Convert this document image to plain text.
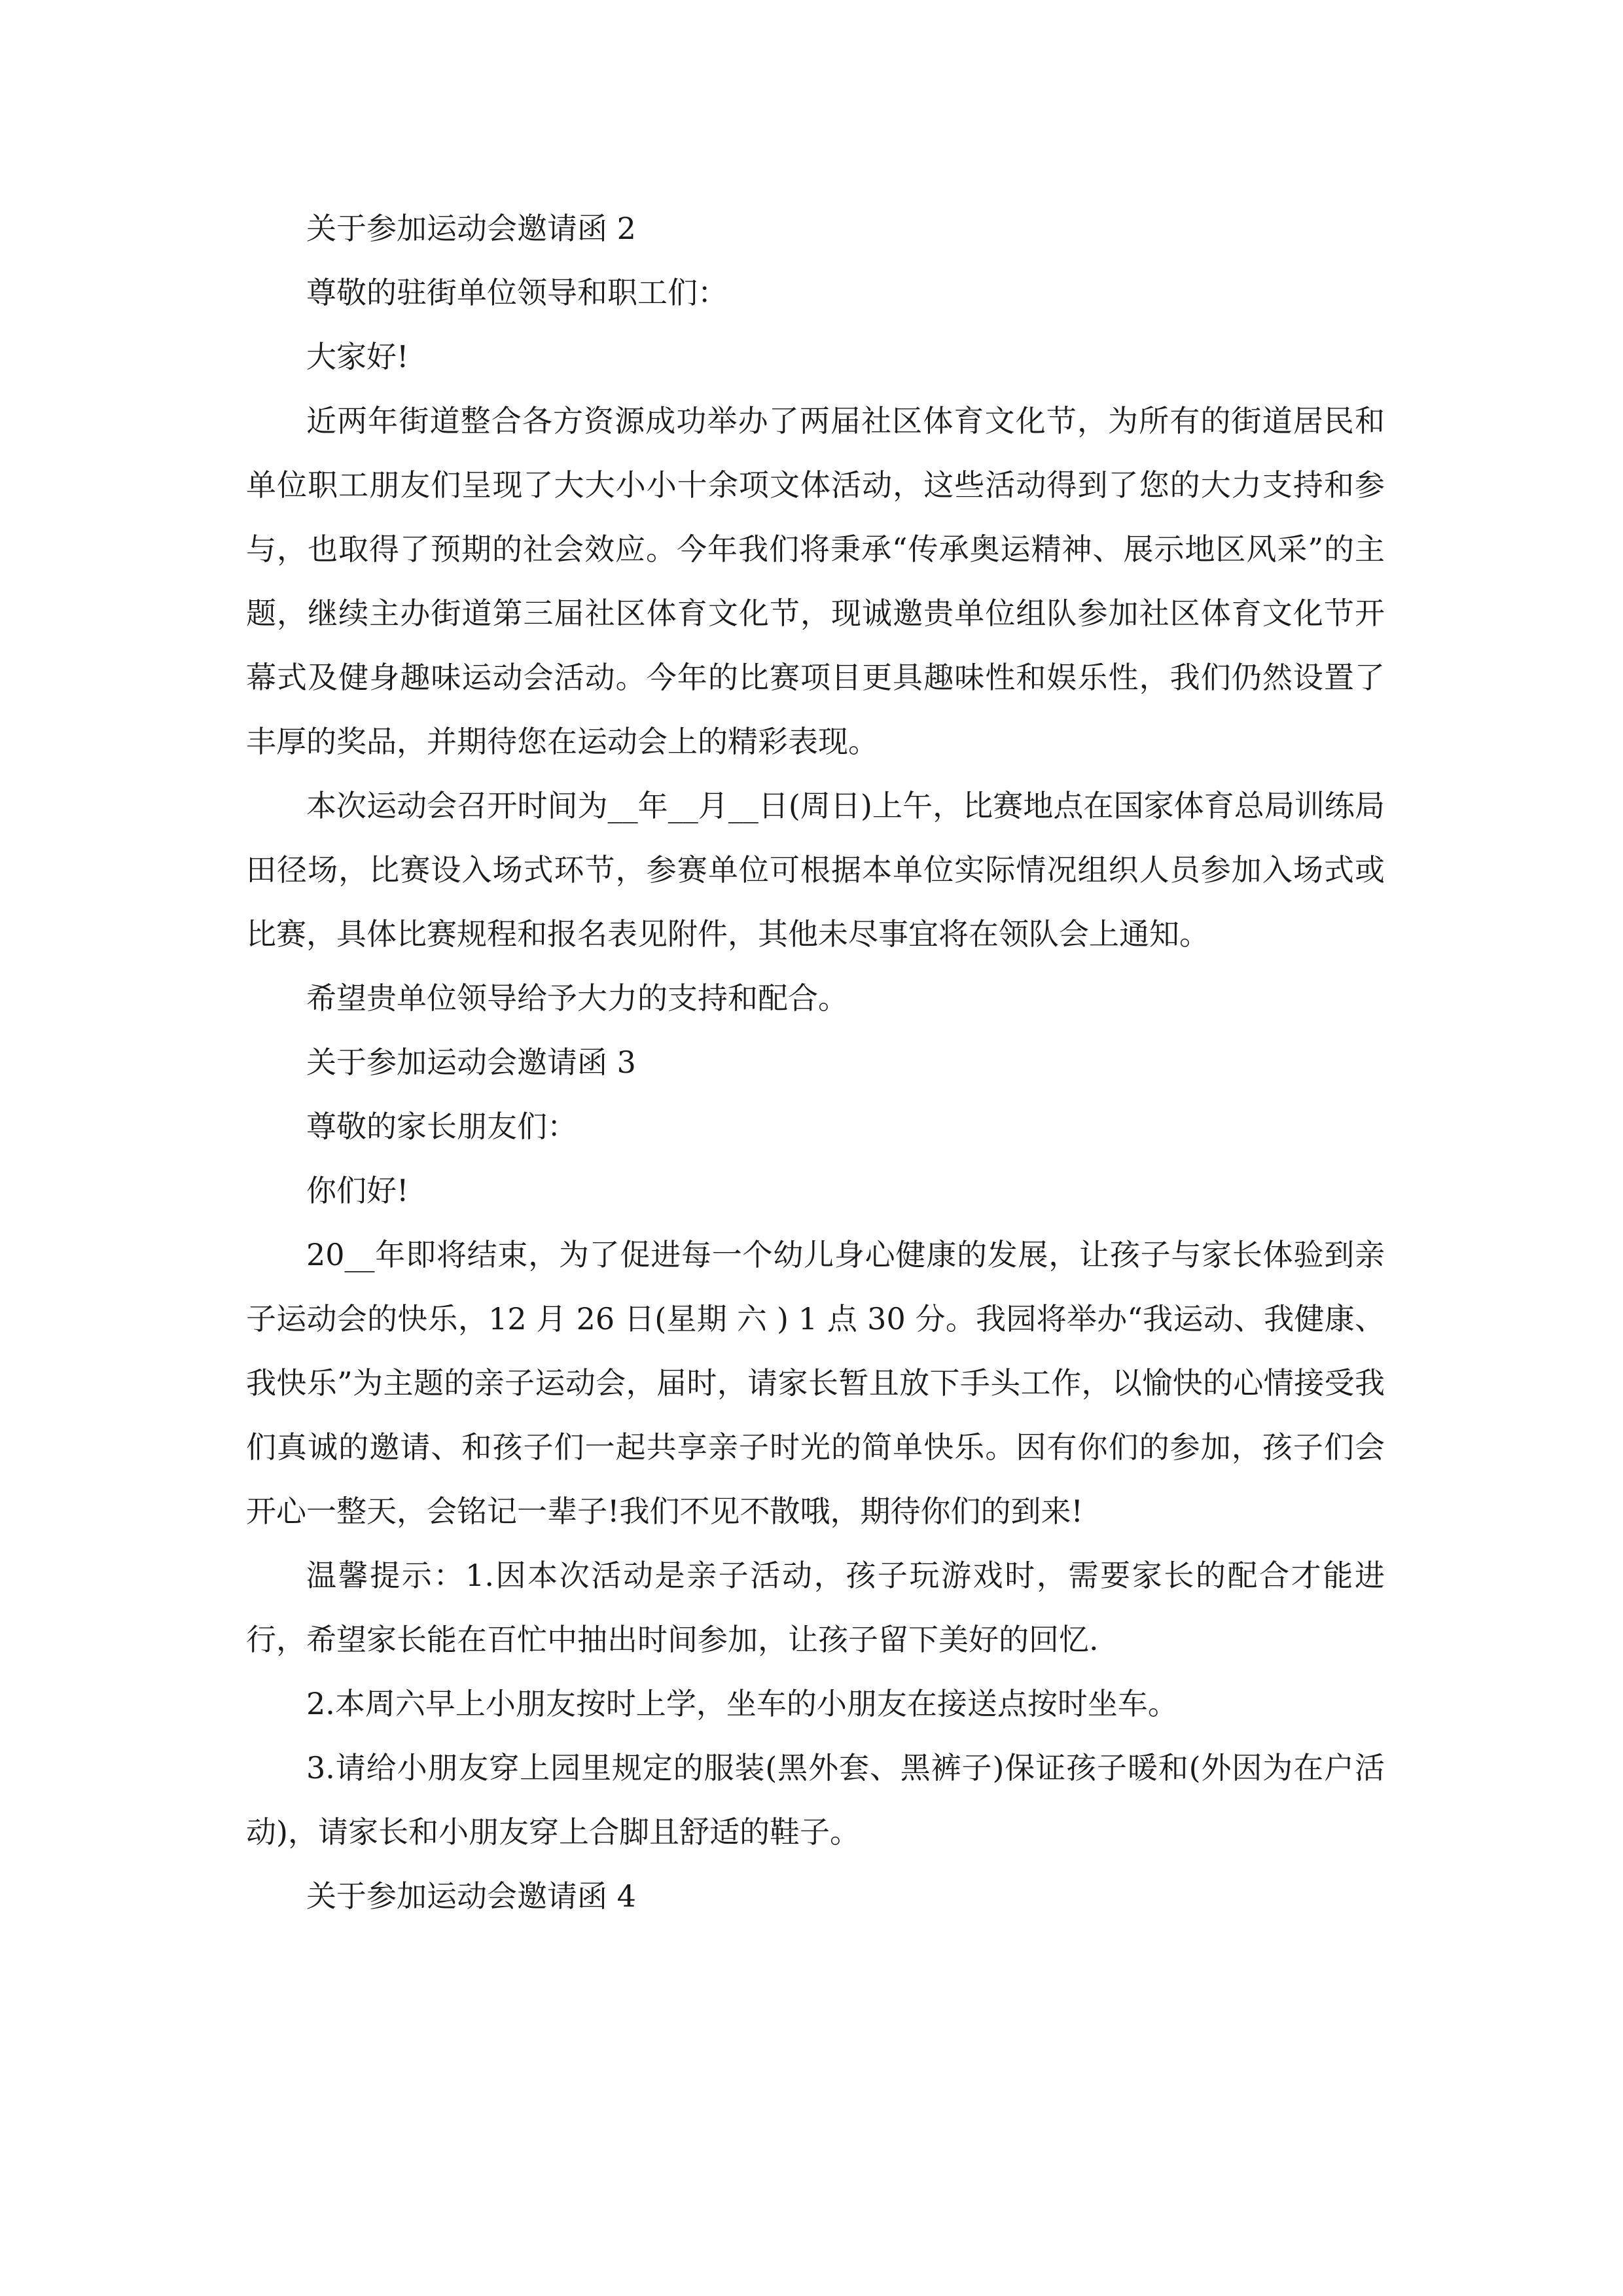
关于参加运动会邀请函 2

尊敬的驻街单位领导和职工们：

大家好!

近两年街道整合各方资源成功举办了两届社区体育文化节，为所有的街道居民和单位职工朋友们呈现了大大小小十余项文体活动，这些活动得到了您的大力支持和参与，也取得了预期的社会效应。今年我们将秉承“传承奥运精神、展示地区风采”的主题，继续主办街道第三届社区体育文化节，现诚邀贵单位组队参加社区体育文化节开幕式及健身趣味运动会活动。今年的比赛项目更具趣味性和娱乐性，我们仍然设置了丰厚的奖品，并期待您在运动会上的精彩表现。

本次运动会召开时间为__年__月__日(周日)上午，比赛地点在国家体育总局训练局田径场，比赛设入场式环节，参赛单位可根据本单位实际情况组织人员参加入场式或比赛，具体比赛规程和报名表见附件，其他未尽事宜将在领队会上通知。

希望贵单位领导给予大力的支持和配合。

关于参加运动会邀请函 3

尊敬的家长朋友们：

你们好!

20__年即将结束，为了促进每一个幼儿身心健康的发展，让孩子与家长体验到亲子运动会的快乐，12 月 26 日(星期 六 ) 1 点 30 分。我园将举办“我运动、我健康、我快乐”为主题的亲子运动会，届时，请家长暂且放下手头工作，以愉快的心情接受我们真诚的邀请、和孩子们一起共享亲子时光的简单快乐。因有你们的参加，孩子们会开心一整天，会铭记一辈子!我们不见不散哦，期待你们的到来!

温馨提示：1.因本次活动是亲子活动，孩子玩游戏时，需要家长的配合才能进行，希望家长能在百忙中抽出时间参加，让孩子留下美好的回忆.

2.本周六早上小朋友按时上学，坐车的小朋友在接送点按时坐车。

3.请给小朋友穿上园里规定的服装(黑外套、黑裤子)保证孩子暖和(外因为在户活动)，请家长和小朋友穿上合脚且舒适的鞋子。

关于参加运动会邀请函 4
